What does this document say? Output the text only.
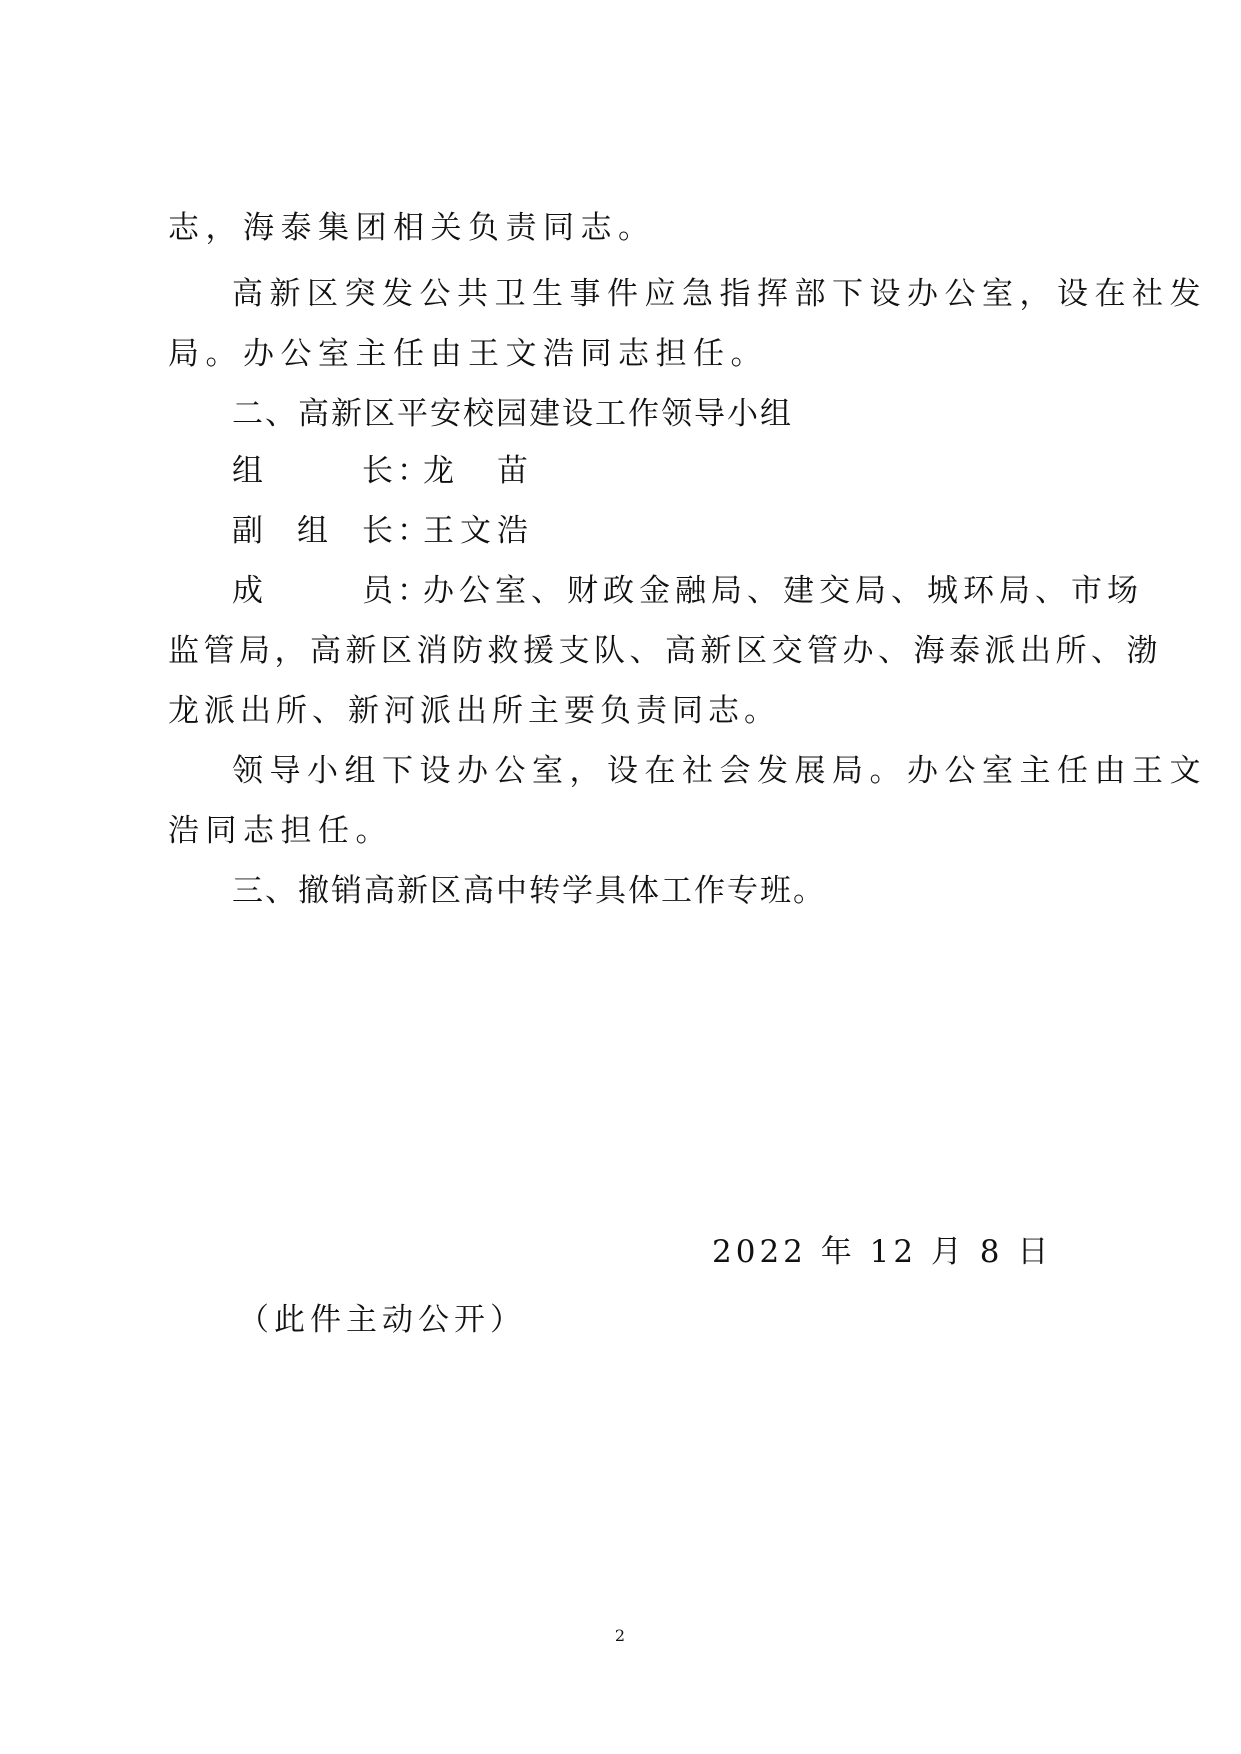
志，海泰集团相关负责同志。
高新区突发公共卫生事件应急指挥部下设办公室，设在社发
局。办公室主任由王文浩同志担任。
二、高新区平安校园建设工作领导小组
组	长 ：龙　苗
副 组 长 ：王文浩
成	员 ：办公室、财政金融局、建交局、城环局、市场
监管局，高新区消防救援支队、高新区交管办、海泰派出所、渤
龙派出所、新河派出所主要负责同志。
领导小组下设办公室，设在社会发展局。办公室主任由王文
浩同志担任。
三、撤销高新区高中转学具体工作专班。
2022 年 12 月 8 日
（此件主动公开）
2
